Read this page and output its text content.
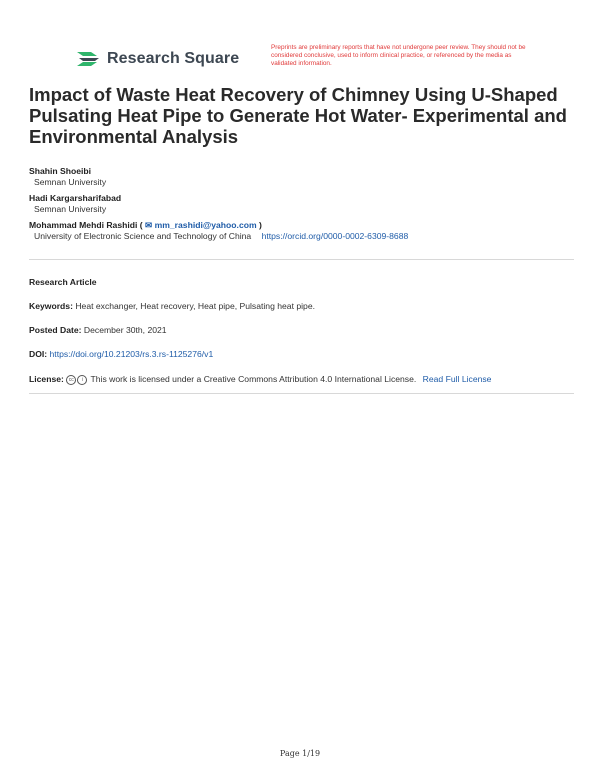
Research Square
Preprints are preliminary reports that have not undergone peer review. They should not be considered conclusive, used to inform clinical practice, or referenced by the media as validated information.
Impact of Waste Heat Recovery of Chimney Using U-Shaped Pulsating Heat Pipe to Generate Hot Water- Experimental and Environmental Analysis
Shahin Shoeibi
Semnan University
Hadi Kargarsharifabad
Semnan University
Mohammad Mehdi Rashidi ( ✉ mm_rashidi@yahoo.com )
University of Electronic Science and Technology of China https://orcid.org/0000-0002-6309-8688
Research Article
Keywords: Heat exchanger, Heat recovery, Heat pipe, Pulsating heat pipe.
Posted Date: December 30th, 2021
DOI: https://doi.org/10.21203/rs.3.rs-1125276/v1
License: cc i This work is licensed under a Creative Commons Attribution 4.0 International License. Read Full License
Page 1/19
